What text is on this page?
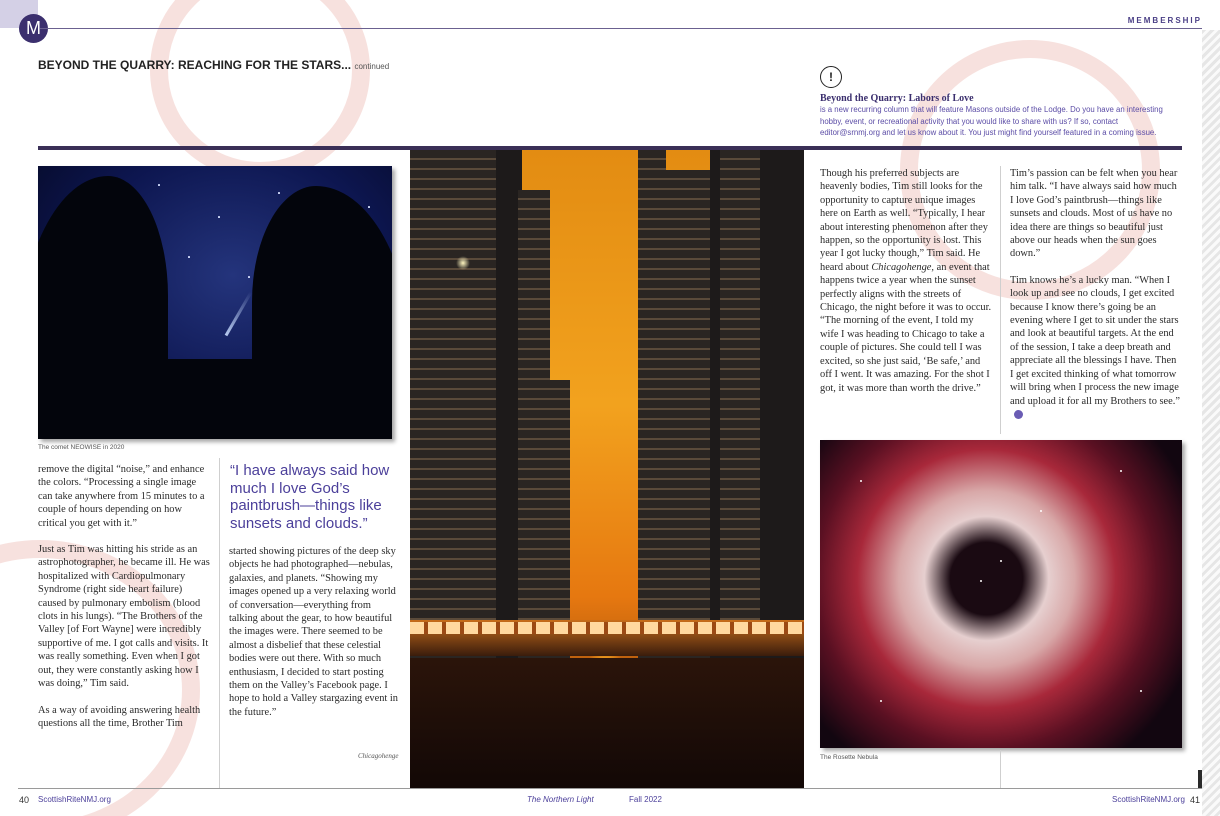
M	MEMBERSHIP
BEYOND THE QUARRY: REACHING FOR THE STARS... continued
!
Beyond the Quarry: Labors of Love
is a new recurring column that will feature Masons outside of the Lodge. Do you have an interesting hobby, event, or recreational activity that you would like to share with us? If so, contact editor@srnmj.org and let us know about it. You just might find yourself featured in a coming issue.
The comet NEOWISE in 2020
Chicagohenge	The Rosette Nebula

remove the digital “noise,” and enhance the colors. “Processing a single image can take anywhere from 15 minutes to a couple of hours depending on how critical you get with it.”

Just as Tim was hitting his stride as an astrophotographer, he became ill. He was hospitalized with Cardiopulmonary Syndrome (right side heart failure) caused by pulmonary embolism (blood clots in his lungs). “The Brothers of the Valley [of Fort Wayne] were incredibly supportive of me. I got calls and visits. It was really something. Even when I got out, they were constantly asking how I was doing,” Tim said.

As a way of avoiding answering health questions all the time, Brother Tim

“I have always said how much I love God’s paintbrush—things like sunsets and clouds.”

started showing pictures of the deep sky objects he had photographed—nebulas, galaxies, and planets. “Showing my images opened up a very relaxing world of conversation—everything from talking about the gear, to how beautiful the images were. There seemed to be almost a disbelief that these celestial bodies were out there. With so much enthusiasm, I decided to start posting them on the Valley’s Facebook page. I hope to hold a Valley stargazing event in the future.”

Though his preferred subjects are heavenly bodies, Tim still looks for the opportunity to capture unique images here on Earth as well. “Typically, I hear about interesting phenomenon after they happen, so the opportunity is lost. This year I got lucky though,” Tim said. He heard about Chicagohenge, an event that happens twice a year when the sunset perfectly aligns with the streets of Chicago, the night before it was to occur. “The morning of the event, I told my wife I was heading to Chicago to take a couple of pictures. She could tell I was excited, so she just said, ‘Be safe,’ and off I went. It was amazing. For the shot I got, it was more than worth the drive.”

Tim’s passion can be felt when you hear him talk. “I have always said how much I love God’s paintbrush—things like sunsets and clouds. Most of us have no idea there are things so beautiful just above our heads when the sun goes down.”

Tim knows he’s a lucky man. “When I look up and see no clouds, I get excited because I know there’s going be an evening where I get to sit under the stars and look at beautiful targets. At the end of the session, I take a deep breath and appreciate all the blessings I have. Then I get excited thinking of what tomorrow will bring when I process the new image and upload it for all my Brothers to see.”

40 ScottishRiteNMJ.org	The Northern Light	Fall 2022	ScottishRiteNMJ.org 41
